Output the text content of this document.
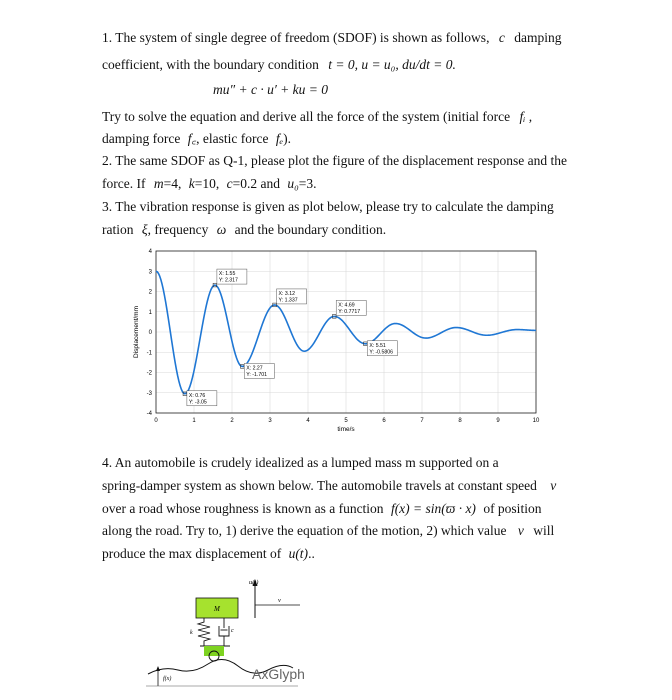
1. The system of single degree of freedom (SDOF) is shown as follows, c damping
coefficient, with the boundary condition t = 0, u = u₀, du/dt = 0.
mu″ + c · u′ + ku = 0
Try to solve the equation and derive all the force of the system (initial force fᵢ ,
damping force f꜀, elastic force fₑ).
2. The same SDOF as Q-1, please plot the figure of the displacement response and the
force. If m=4, k=10, c=0.2 and u₀=3.
3. The vibration response is given as plot below, please try to calculate the damping
ration ξ, frequency ω and the boundary condition.
0	1	2	3	4	5	6	7	8	9	10
-4
-3
-2
-1
0
1
2
3
4
X: 0.76
Y: -3.05
X: 1.55
Y: 2.317
X: 2.27
Y: -1.701
X: 3.12
Y: 1.337
X: 4.69
Y: 0.7717
X: 5.51
Y: -0.5806
time/s
Displacement/mm
4. An automobile is crudely idealized as a lumped mass m supported on a
spring-damper system as shown below. The automobile travels at constant speed v
over a road whose roughness is known as a function f(x) = sin(ϖ · x) of position
along the road. Try to, 1) derive the equation of the motion, 2) which value v will
produce the max displacement of u(t)..
u(t)
v
M
k	c
f(x)	AxGlyph
